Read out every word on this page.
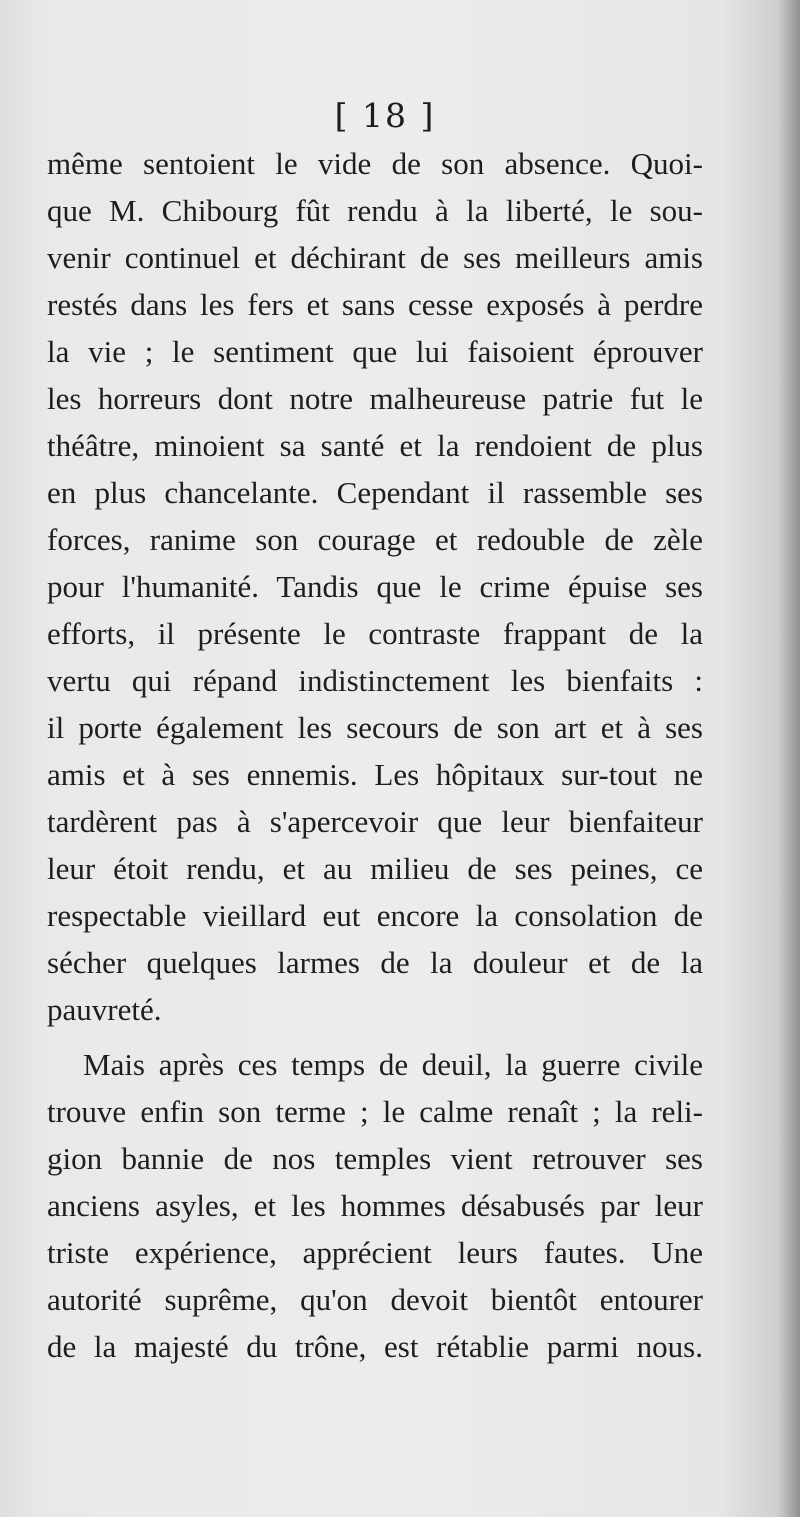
[ 18 ]
même sentoient le vide de son absence. Quoi-
que M. Chibourg fût rendu à la liberté, le sou-
venir continuel et déchirant de ses meilleurs amis
restés dans les fers et sans cesse exposés à perdre
la vie ; le sentiment que lui faisoient éprouver
les horreurs dont notre malheureuse patrie fut le
théâtre, minoient sa santé et la rendoient de plus
en plus chancelante. Cependant il rassemble ses
forces, ranime son courage et redouble de zèle
pour l'humanité. Tandis que le crime épuise ses
efforts, il présente le contraste frappant de la
vertu qui répand indistinctement les bienfaits :
il porte également les secours de son art et à ses
amis et à ses ennemis. Les hôpitaux sur-tout ne
tardèrent pas à s'apercevoir que leur bienfaiteur
leur étoit rendu, et au milieu de ses peines, ce
respectable vieillard eut encore la consolation de
sécher quelques larmes de la douleur et de la
pauvreté.
Mais après ces temps de deuil, la guerre civile
trouve enfin son terme ; le calme renaît ; la reli-
gion bannie de nos temples vient retrouver ses
anciens asyles, et les hommes désabusés par leur
triste expérience, apprécient leurs fautes. Une
autorité suprême, qu'on devoit bientôt entourer
de la majesté du trône, est rétablie parmi nous.
